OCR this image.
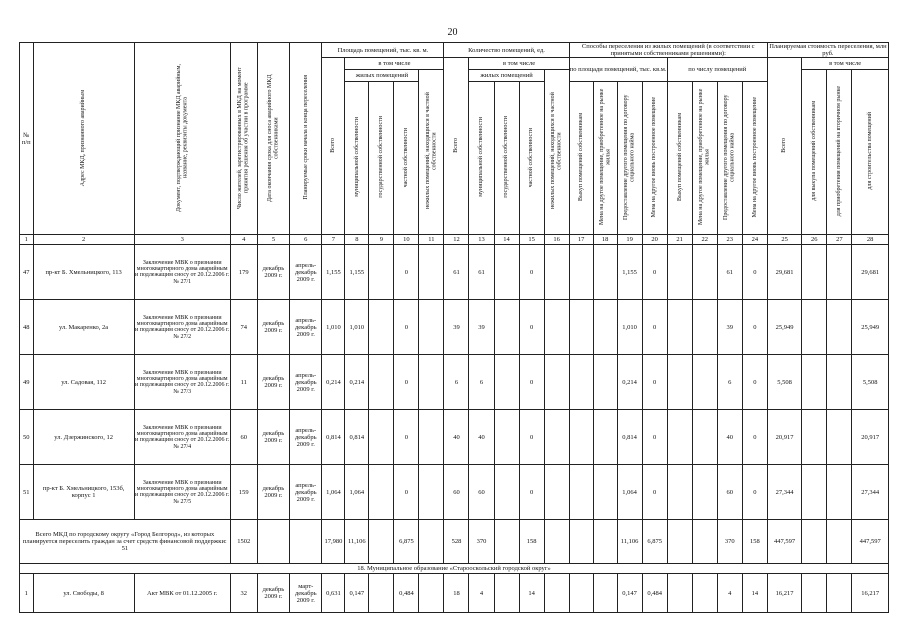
20
№ п/п	Адрес МКД, признанного аварийным	Документ, подтверждающий признание МКД аварийным, название, реквизиты документа	Число жителей, зарегистрированных в МКД на момент принятия решения об участии в программе	Дата окончания срока для сноса аварийного МКД собственниками	Планируемые сроки начала и конца переселения	Площадь помещений, тыс. кв. м.					Количество помещений, ед.					Способы переселения из жилых помещений (в соответствии с принятыми собственниками решениями):								Планируемая стоимость переселения, млн руб.			
						Всего	в том числе				Всего	в том числе				по площади помещений, тыс. кв.м.				по числу помещений				Всего	в том числе		
							жилых помещений			нежилых помещений, находящихся в частной собственности		жилых помещений			нежилых помещений, находящихся в частной собственности										для выкупа помещений собственникам	для приобретения помещений на вторичном рынке	для строительства помещений
							муниципальной собственности	государственной собственности	частной собственности			муниципальной собственности	государственной собственности	частной собственности		Выкуп помещений собственникам	Мена на другое помещение, приобретенное на рынке жилья	Предоставление другого помещения по договору социального найма	Мена на другое вновь построенное помещение	Выкуп помещений собственникам	Мена на другое помещение, приобретенное на рынке жилья	Предоставление другого помещения по договору социального найма	Мена на другое вновь построенное помещение				

1	2	3	4	5	6	7	8	9	10	11	12	13	14	15	16	17	18	19	20	21	22	23	24	25	26	27	28
47	пр-кт Б. Хмельницкого, 113	Заключение МВК о признании многоквартирного дома аварийным и подлежащим сносу от 20.12.2006 г. № 27/1	179	декабрь 2009 г.	апрель-декабрь 2009 г.	1,155	1,155		0		61	61		0				1,155	0			61	0	29,681			29,681
48	ул. Макаренко, 2а	Заключение МВК о признании многоквартирного дома аварийным и подлежащим сносу от 20.12.2006 г. № 27/2	74	декабрь 2009 г.	апрель-декабрь 2009 г.	1,010	1,010		0		39	39		0				1,010	0			39	0	25,949			25,949
49	ул. Садовая, 112	Заключение МВК о признании многоквартирного дома аварийным и подлежащим сносу от 20.12.2006 г. № 27/3	11	декабрь 2009 г.	апрель-декабрь 2009 г.	0,214	0,214		0		6	6		0				0,214	0			6	0	5,508			5,508
50	ул. Дзержинского, 12	Заключение МВК о признании многоквартирного дома аварийным и подлежащим сносу от 20.12.2006 г. № 27/4	60	декабрь 2009 г.	апрель-декабрь 2009 г.	0,814	0,814		0		40	40		0				0,814	0			40	0	20,917			20,917
51	пр-кт Б. Хмельницкого, 153б, корпус 1	Заключение МВК о признании многоквартирного дома аварийным и подлежащим сносу от 20.12.2006 г. № 27/5	159	декабрь 2009 г.	апрель-декабрь 2009 г.	1,064	1,064		0		60	60		0				1,064	0			60	0	27,344			27,344
Всего МКД по городскому округу «Город Белгород», из которых планируется переселить граждан за счет средств финансовой поддержки: 51			1502			17,980	11,106		6,875		528	370		158				11,106	6,875			370	158	447,597			447,597
18. Муниципальное образование «Старооскольский городской округ»																											
1	ул. Свободы, 8	Акт МВК от 01.12.2005 г.	32	декабрь 2009 г.	март-декабрь 2009 г.	0,631	0,147		0,484		18	4		14				0,147	0,484			4	14	16,217			16,217
